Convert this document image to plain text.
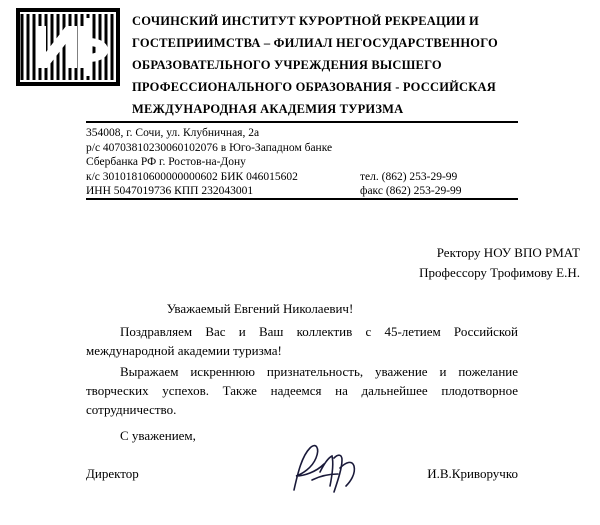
СОЧИНСКИЙ ИНСТИТУТ КУРОРТНОЙ РЕКРЕАЦИИ И
ГОСТЕПРИИМСТВА – ФИЛИАЛ НЕГОСУДАРСТВЕННОГО
ОБРАЗОВАТЕЛЬНОГО УЧРЕЖДЕНИЯ ВЫСШЕГО
ПРОФЕССИОНАЛЬНОГО ОБРАЗОВАНИЯ - РОССИЙСКАЯ
МЕЖДУНАРОДНАЯ АКАДЕМИЯ ТУРИЗМА
354008, г. Сочи, ул. Клубничная, 2а
р/с 40703810230060102076 в Юго-Западном банке
Сбербанка РФ г. Ростов-на-Дону
к/с 30101810600000000602 БИК 046015602	тел. (862) 253-29-99
ИНН 5047019736 КПП 232043001	факс (862) 253-29-99
Ректору НОУ ВПО РМАТ
Профессору Трофимову Е.Н.
Уважаемый Евгений Николаевич!
Поздравляем Вас и Ваш коллектив с 45-летием Российской международной академии туризма!
Выражаем искреннюю признательность, уважение и пожелание творческих успехов. Также надеемся на дальнейшее плодотворное сотрудничество.
С уважением,
Директор	И.В.Криворучко
